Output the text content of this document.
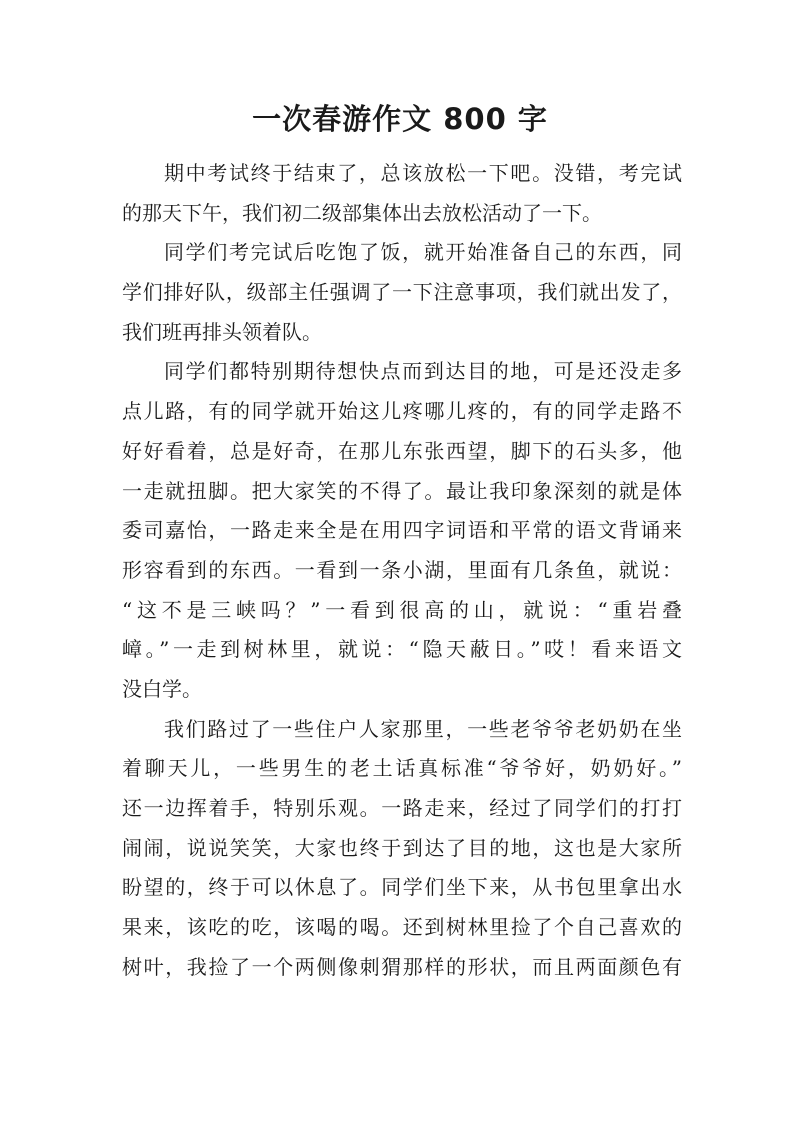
一次春游作文 800 字
期中考试终于结束了，总该放松一下吧。没错，考完试
的那天下午，我们初二级部集体出去放松活动了一下。
同学们考完试后吃饱了饭，就开始准备自己的东西，同
学们排好队，级部主任强调了一下注意事项，我们就出发了，
我们班再排头领着队。
同学们都特别期待想快点而到达目的地，可是还没走多
点儿路，有的同学就开始这儿疼哪儿疼的，有的同学走路不
好好看着，总是好奇，在那儿东张西望，脚下的石头多，他
一走就扭脚。把大家笑的不得了。最让我印象深刻的就是体
委司嘉怡，一路走来全是在用四字词语和平常的语文背诵来
形容看到的东西。一看到一条小湖，里面有几条鱼，就说：
“这不是三峡吗？”一看到很高的山，就说：“重岩叠
嶂。”一走到树林里，就说：“隐天蔽日。”哎！看来语文
没白学。
我们路过了一些住户人家那里，一些老爷爷老奶奶在坐
着聊天儿，一些男生的老土话真标准“爷爷好，奶奶好。”
还一边挥着手，特别乐观。一路走来，经过了同学们的打打
闹闹，说说笑笑，大家也终于到达了目的地，这也是大家所
盼望的，终于可以休息了。同学们坐下来，从书包里拿出水
果来，该吃的吃，该喝的喝。还到树林里捡了个自己喜欢的
树叶，我捡了一个两侧像刺猬那样的形状，而且两面颜色有
